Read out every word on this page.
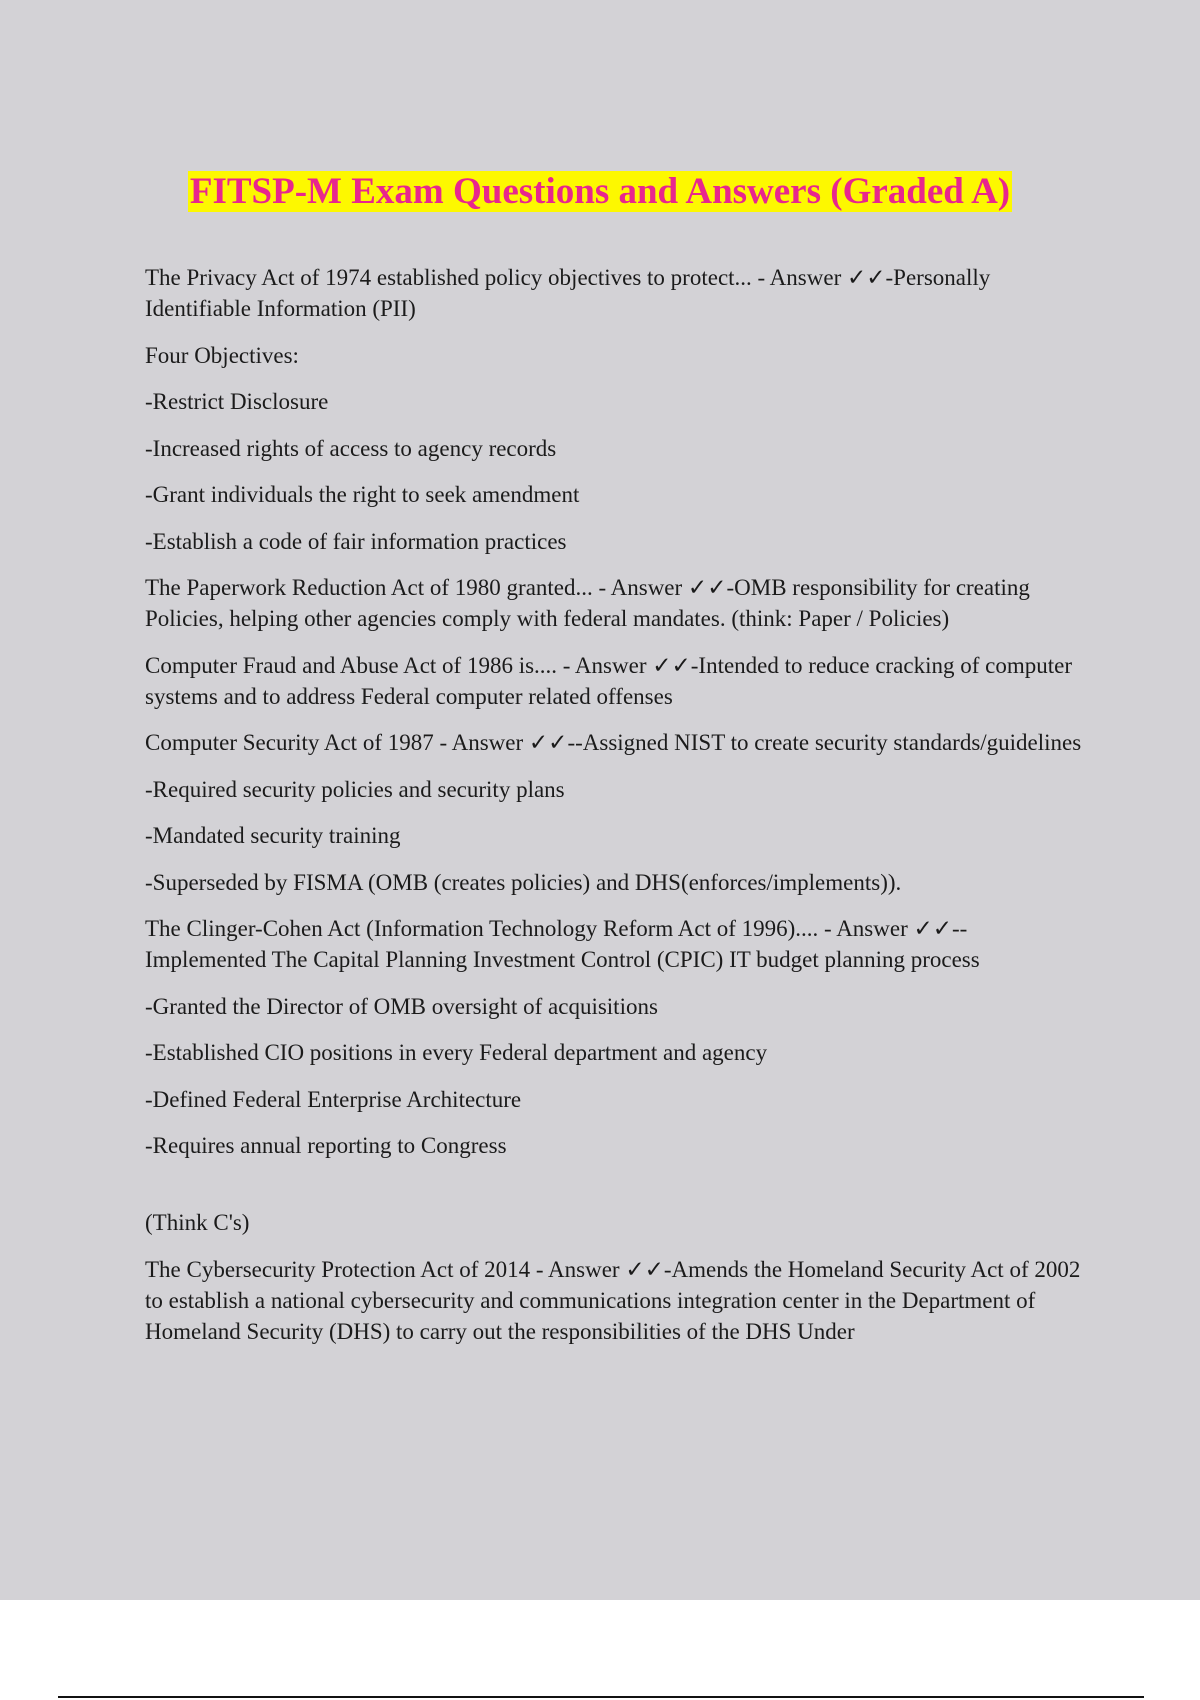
FITSP-M Exam Questions and Answers (Graded A)

The Privacy Act of 1974 established policy objectives to protect... - Answer ✓✓-Personally Identifiable Information (PII)

Four Objectives:

-Restrict Disclosure

-Increased rights of access to agency records

-Grant individuals the right to seek amendment

-Establish a code of fair information practices

The Paperwork Reduction Act of 1980 granted... - Answer ✓✓-OMB responsibility for creating Policies, helping other agencies comply with federal mandates. (think: Paper / Policies)

Computer Fraud and Abuse Act of 1986 is.... - Answer ✓✓-Intended to reduce cracking of computer systems and to address Federal computer related offenses

Computer Security Act of 1987 - Answer ✓✓--Assigned NIST to create security standards/guidelines

-Required security policies and security plans

-Mandated security training

-Superseded by FISMA (OMB (creates policies) and DHS(enforces/implements)).

The Clinger-Cohen Act (Information Technology Reform Act of 1996).... - Answer ✓✓--Implemented The Capital Planning Investment Control (CPIC) IT budget planning process

-Granted the Director of OMB oversight of acquisitions

-Established CIO positions in every Federal department and agency

-Defined Federal Enterprise Architecture

-Requires annual reporting to Congress

(Think C's)

The Cybersecurity Protection Act of 2014 - Answer ✓✓-Amends the Homeland Security Act of 2002 to establish a national cybersecurity and communications integration center in the Department of Homeland Security (DHS) to carry out the responsibilities of the DHS Under
